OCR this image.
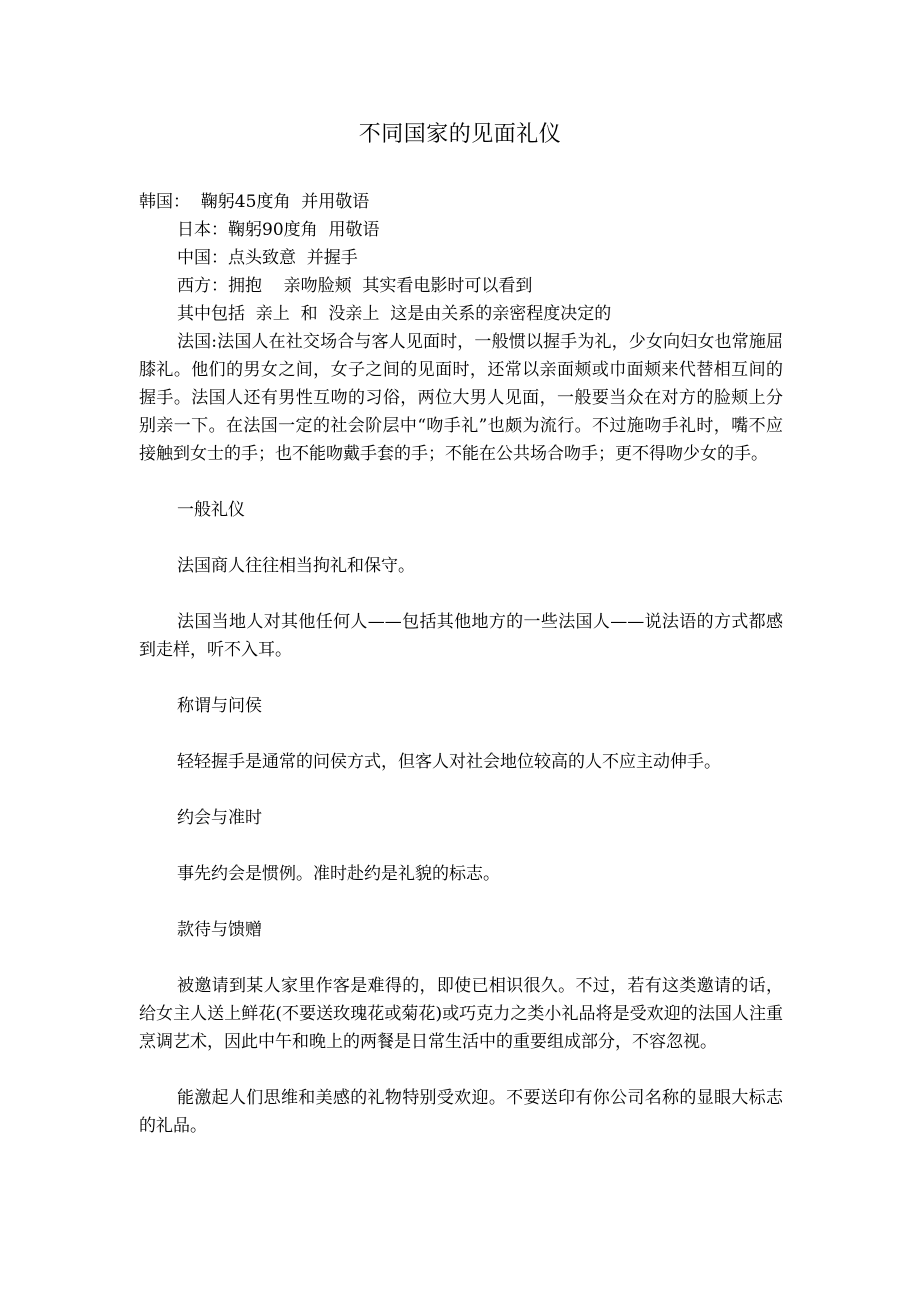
不同国家的见面礼仪

韩国：  鞠躬45度角  并用敬语

日本：鞠躬90度角  用敬语

中国：点头致意  并握手

西方：拥抱    亲吻脸颊  其实看电影时可以看到

其中包括  亲上  和  没亲上  这是由关系的亲密程度决定的

法国:法国人在社交场合与客人见面时，一般惯以握手为礼，少女向妇女也常施屈 膝礼。他们的男女之间，女子之间的见面时，还常以亲面颊或巾面颊来代替相互间的握手。法国人还有男性互吻的习俗，两位大男人见面，一般要当众在对方的脸颊上分别亲一下。在法国一定的社会阶层中“吻手礼”也颇为流行。不过施吻手礼时，嘴不应接触到女士的手；也不能吻戴手套的手；不能在公共场合吻手；更不得吻少女的手。

一般礼仪

法国商人往往相当拘礼和保守。

法国当地人对其他任何人——包括其他地方的一些法国人——说法语的方式都感到走样，听不入耳。

称谓与问侯

轻轻握手是通常的问侯方式，但客人对社会地位较高的人不应主动伸手。

约会与准时

事先约会是惯例。准时赴约是礼貌的标志。

款待与馈赠

被邀请到某人家里作客是难得的，即使已相识很久。不过，若有这类邀请的话，给女主人送上鲜花(不要送玫瑰花或菊花)或巧克力之类小礼品将是受欢迎的法国人注重烹调艺术，因此中午和晚上的两餐是日常生活中的重要组成部分，不容忽视。

能激起人们思维和美感的礼物特别受欢迎。不要送印有你公司名称的显眼大标志的礼品。
